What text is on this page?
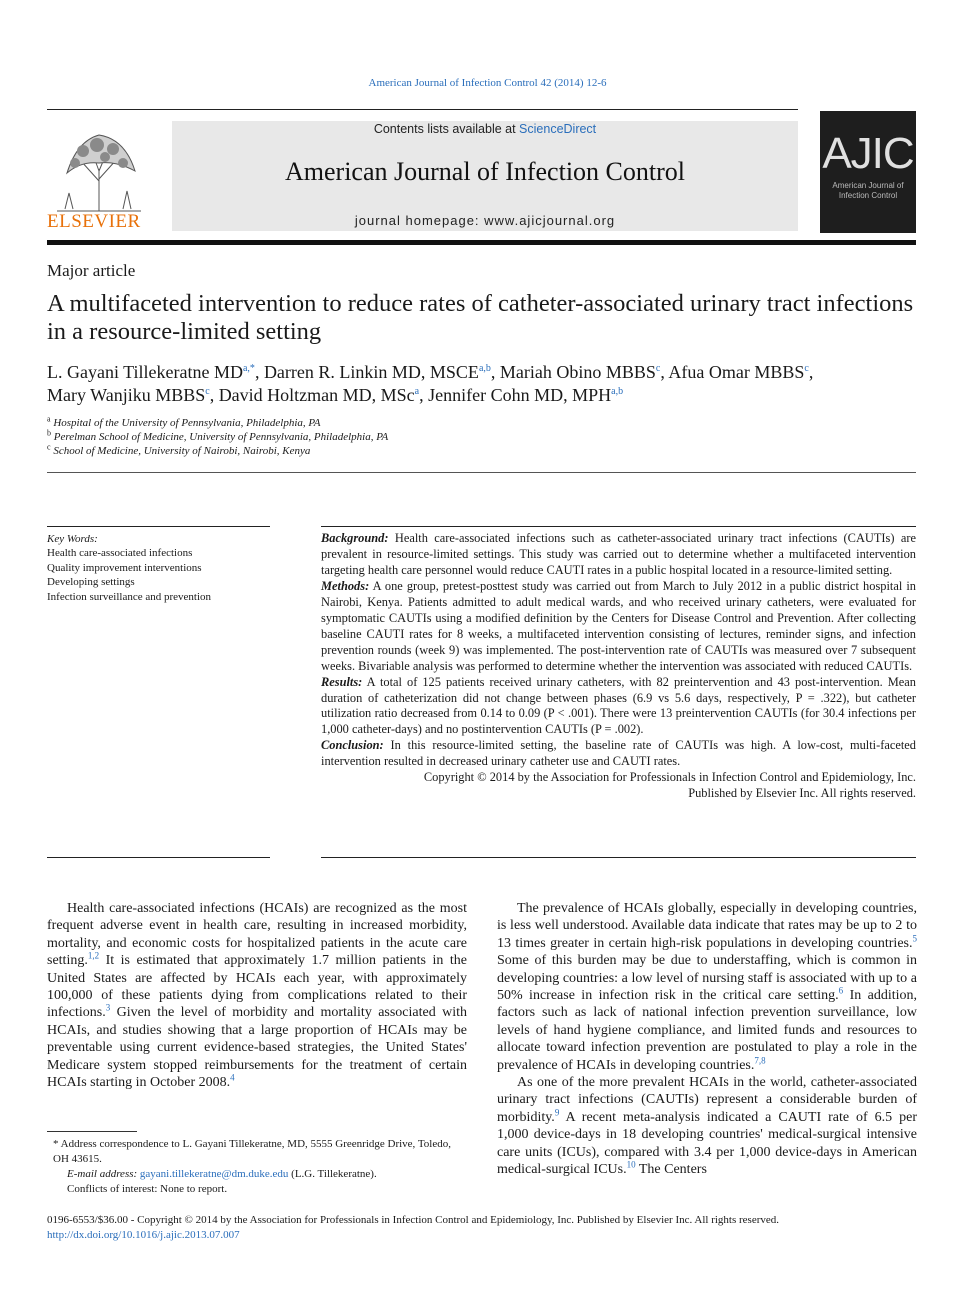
American Journal of Infection Control 42 (2014) 12-6
ELSEVIER
Contents lists available at ScienceDirect
American Journal of Infection Control
journal homepage: www.ajicjournal.org
AJIC
American Journal of
Infection Control
Major article
A multifaceted intervention to reduce rates of catheter-associated urinary tract infections in a resource-limited setting
L. Gayani Tillekeratne $MD^{a,*}$, Darren R. Linkin MD, MSCE$^{a,b}$, Mariah Obino MBBS$^c$, Afua Omar MBBS$^c$,
Mary Wanjiku MBBS$^c$, David Holtzman MD, MSc$^a$, Jennifer Cohn MD, MPH$^{a,b}$
$^a$ Hospital of the University of Pennsylvania, Philadelphia, PA
$^b$ Perelman School of Medicine, University of Pennsylvania, Philadelphia, PA
$^c$ School of Medicine, University of Nairobi, Nairobi, Kenya
Key Words:
Health care-associated infections
Quality improvement interventions
Developing settings
Infection surveillance and prevention

Background: Health care-associated infections such as catheter-associated urinary tract infections (CAUTIs) are prevalent in resource-limited settings. This study was carried out to determine whether a multifaceted intervention targeting health care personnel would reduce CAUTI rates in a public hospital located in a resource-limited setting.

Methods: A one group, pretest-posttest study was carried out from March to July 2012 in a public district hospital in Nairobi, Kenya. Patients admitted to adult medical wards, and who received urinary catheters, were evaluated for symptomatic CAUTIs using a modified definition by the Centers for Disease Control and Prevention. After collecting baseline CAUTI rates for 8 weeks, a multifaceted intervention consisting of lectures, reminder signs, and infection prevention rounds (week 9) was implemented. The post-intervention rate of CAUTIs was measured over 7 subsequent weeks. Bivariable analysis was performed to determine whether the intervention was associated with reduced CAUTIs.

Results: A total of 125 patients received urinary catheters, with 82 preintervention and 43 post-intervention. Mean duration of catheterization did not change between phases (6.9 vs 5.6 days, respectively, P = .322), but catheter utilization ratio decreased from 0.14 to 0.09 (P < .001). There were 13 preintervention CAUTIs (for 30.4 infections per 1,000 catheter-days) and no postintervention CAUTIs (P = .002).

Conclusion: In this resource-limited setting, the baseline rate of CAUTIs was high. A low-cost, multi-faceted intervention resulted in decreased urinary catheter use and CAUTI rates.

Copyright © 2014 by the Association for Professionals in Infection Control and Epidemiology, Inc.

Published by Elsevier Inc. All rights reserved.

Health care-associated infections (HCAIs) are recognized as the most frequent adverse event in health care, resulting in increased morbidity, mortality, and economic costs for hospitalized patients in the acute care setting.$^{1,2}$ It is estimated that approximately 1.7 million patients in the United States are affected by HCAIs each year, with approximately 100,000 of these patients dying from complications related to their infections.$^3$ Given the level of morbidity and mortality associated with HCAIs, and studies showing that a large proportion of HCAIs may be preventable using current evidence-based strategies, the United States' Medicare system stopped reimbursements for the treatment of certain HCAIs starting in October 2008.$^4$

The prevalence of HCAIs globally, especially in developing countries, is less well understood. Available data indicate that rates may be up to 2 to 13 times greater in certain high-risk populations in developing countries.$^5$ Some of this burden may be due to understaffing, which is common in developing countries: a low level of nursing staff is associated with up to a 50% increase in infection risk in the critical care setting.$^6$ In addition, factors such as lack of national infection prevention surveillance, low levels of hand hygiene compliance, and limited funds and resources to allocate toward infection prevention are postulated to play a role in the prevalence of HCAIs in developing countries.$^{7,8}$

As one of the more prevalent HCAIs in the world, catheter-associated urinary tract infections (CAUTIs) represent a considerable burden of morbidity.$^9$ A recent meta-analysis indicated a CAUTI rate of 6.5 per 1,000 device-days in 18 developing countries' medical-surgical intensive care units (ICUs), compared with 3.4 per 1,000 device-days in American medical-surgical ICUs.$^{10}$ The Centers

* Address correspondence to L. Gayani Tillekeratne, MD, 5555 Greenridge Drive, Toledo, OH 43615.
E-mail address: gayani.tillekeratne@dm.duke.edu (L.G. Tillekeratne).
Conflicts of interest: None to report.
0196-6553/$36.00 - Copyright © 2014 by the Association for Professionals in Infection Control and Epidemiology, Inc. Published by Elsevier Inc. All rights reserved.
http://dx.doi.org/10.1016/j.ajic.2013.07.007
